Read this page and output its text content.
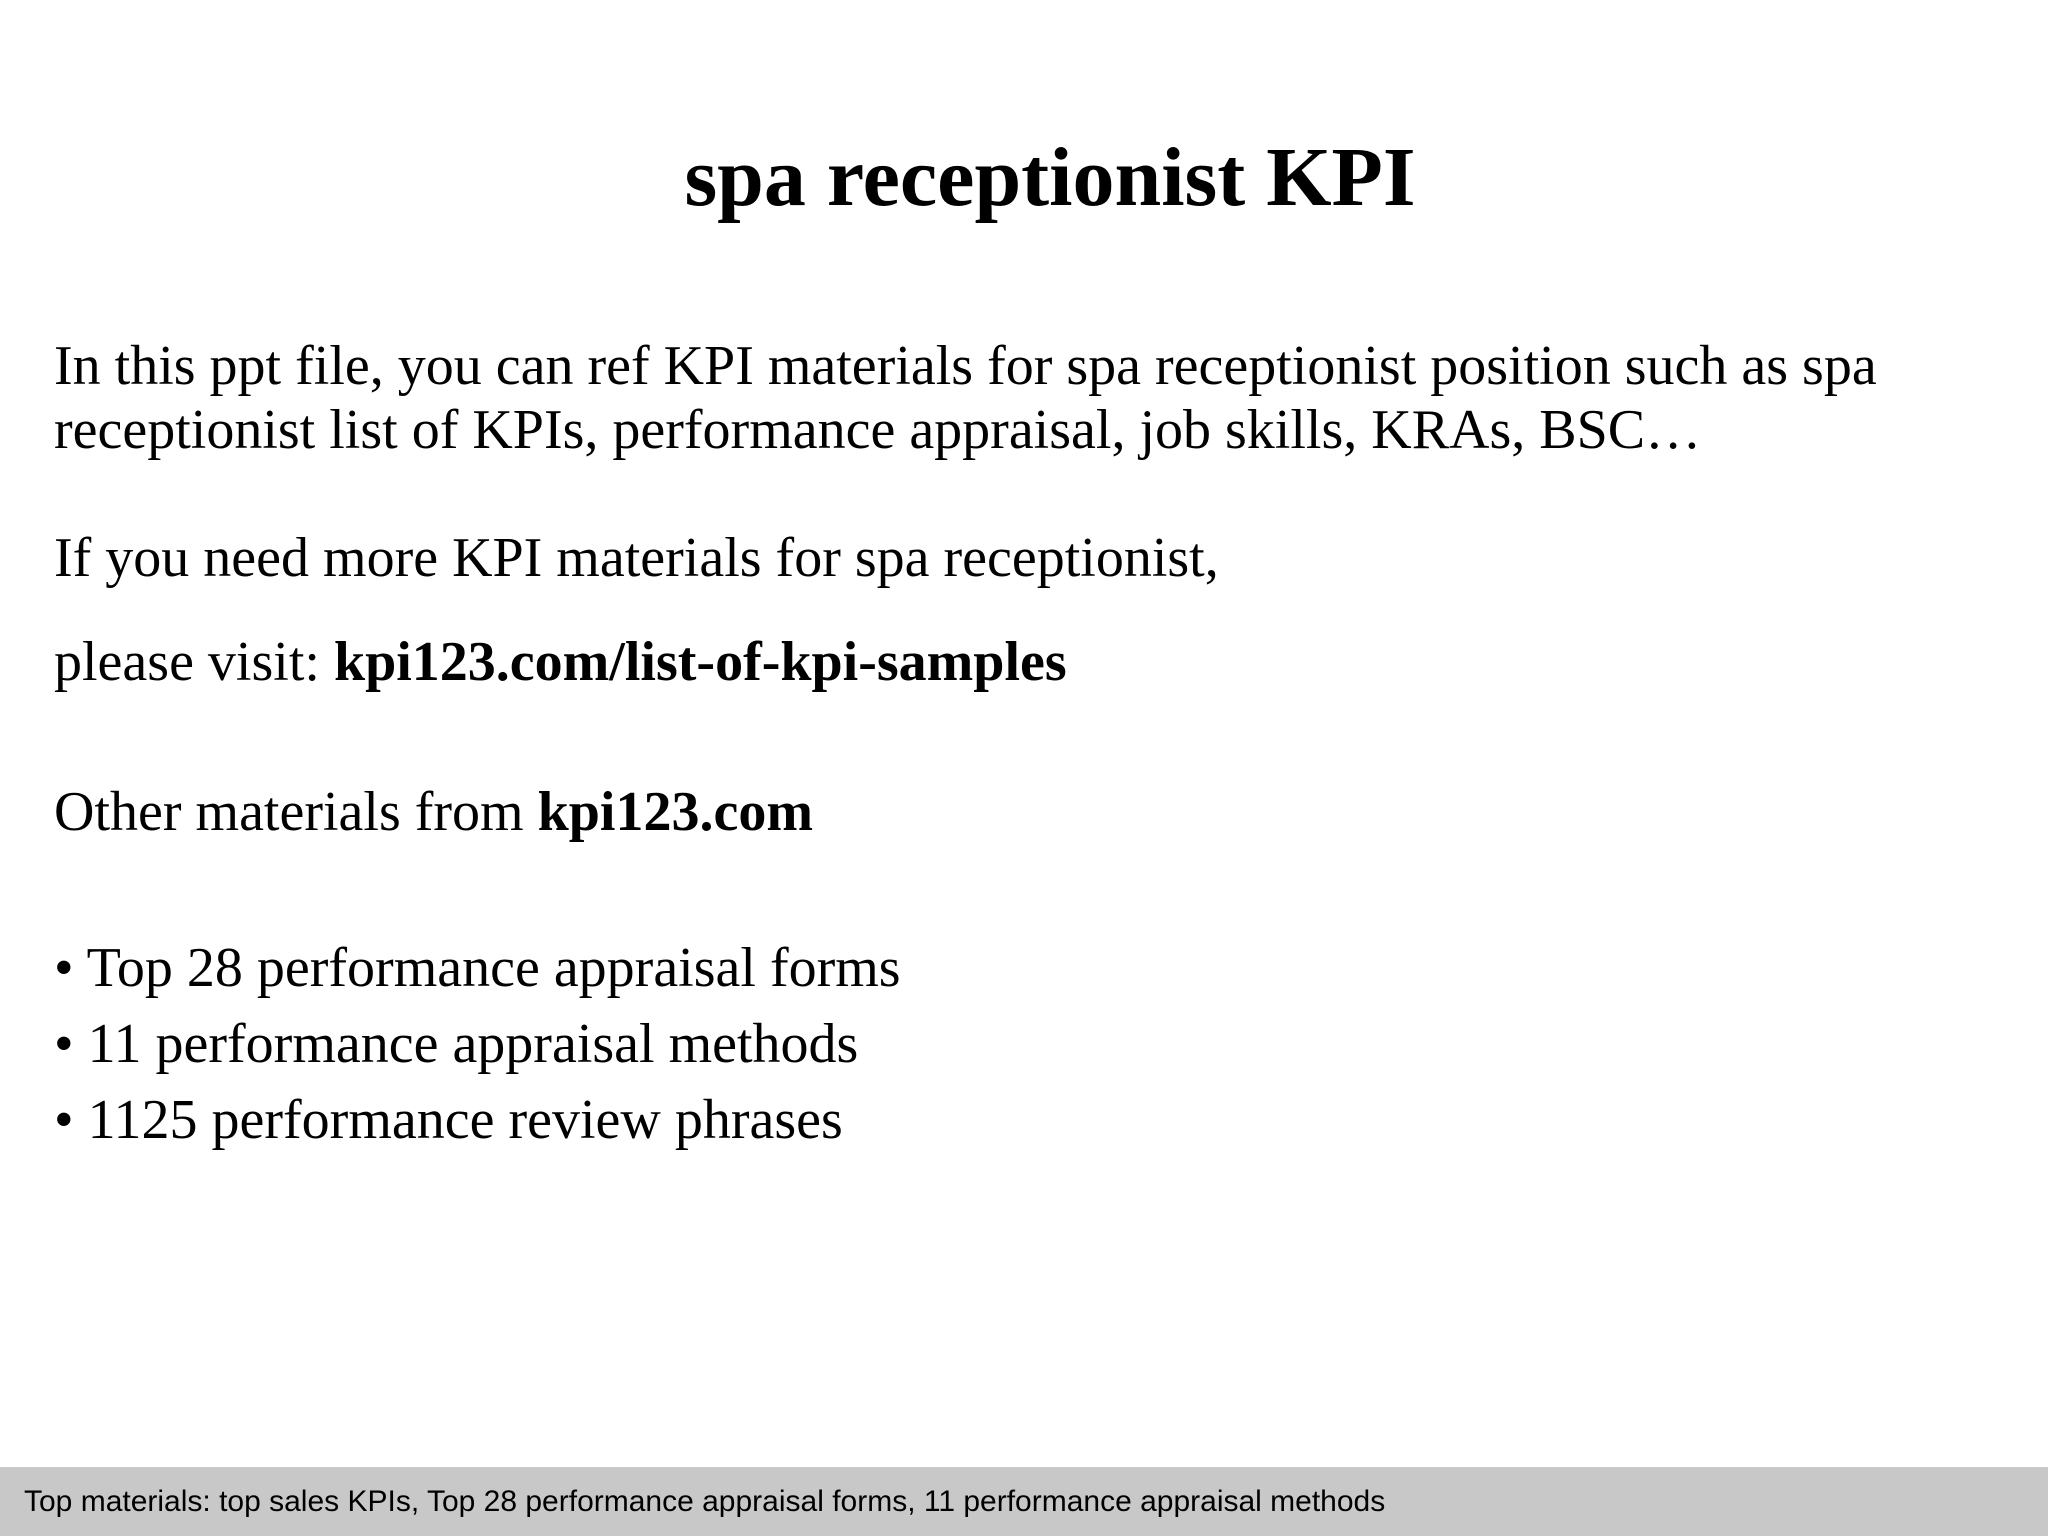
spa receptionist KPI

In this ppt file, you can ref KPI materials for spa receptionist position such as spa receptionist list of KPIs, performance appraisal, job skills, KRAs, BSC…

If you need more KPI materials for spa receptionist,

please visit: kpi123.com/list-of-kpi-samples

Other materials from kpi123.com

• Top 28 performance appraisal forms
• 11 performance appraisal methods
• 1125 performance review phrases
Top materials: top sales KPIs, Top 28 performance appraisal forms, 11 performance appraisal methods
